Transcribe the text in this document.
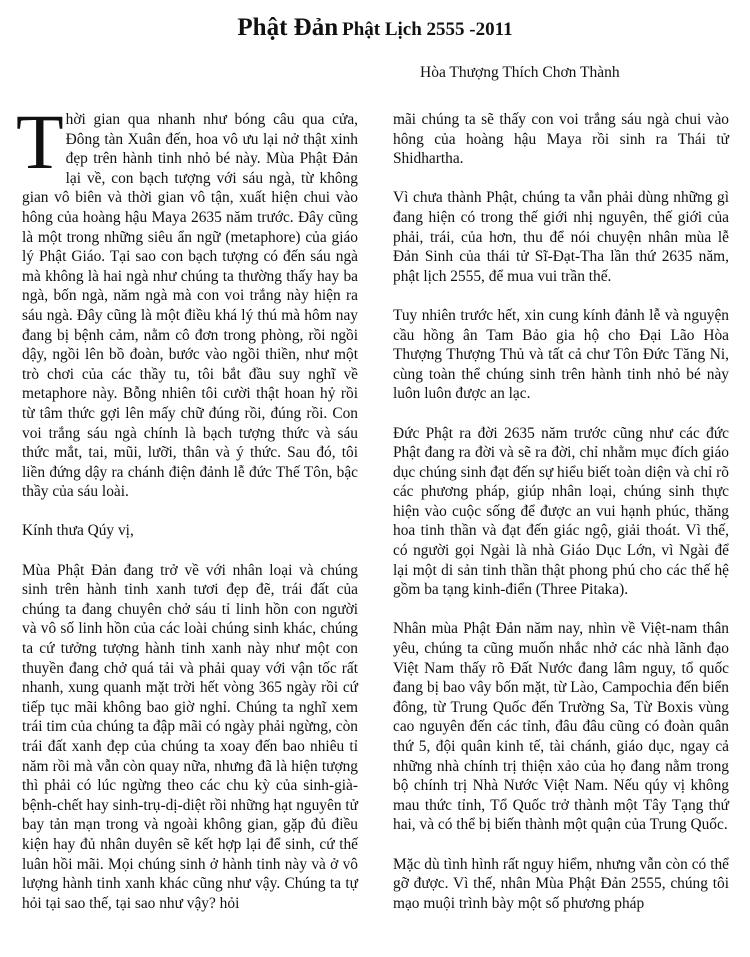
Phật Đản Phật Lịch 2555 -2011
Hòa Thượng Thích Chơn Thành

Thời gian qua nhanh như bóng câu qua cửa, Đông tàn Xuân đến, hoa vô ưu lại nở thật xinh đẹp trên hành tinh nhỏ bé này. Mùa Phật Đản lại về, con bạch tượng với sáu ngà, từ không gian vô biên và thời gian vô tận, xuất hiện chui vào hông của hoàng hậu Maya 2635 năm trước. Đây cũng là một trong những siêu ẩn ngữ (metaphore) của giáo lý Phật Giáo. Tại sao con bạch tượng có đến sáu ngà mà không là hai ngà như chúng ta thường thấy hay ba ngà, bốn ngà, năm ngà mà con voi trắng này hiện ra sáu ngà. Đây cũng là một điều khá lý thú mà hôm nay đang bị bệnh cảm, nằm cô đơn trong phòng, rồi ngồi dậy, ngồi lên bồ đoàn, bước vào ngồi thiền, như một trò chơi của các thầy tu, tôi bắt đầu suy nghĩ về metaphore này. Bỗng nhiên tôi cười thật hoan hỷ rồi từ tâm thức gợi lên mấy chữ đúng rồi, đúng rồi. Con voi trắng sáu ngà chính là bạch tượng thức và sáu thức mắt, tai, mũi, lưỡi, thân và ý thức. Sau đó, tôi liền đứng dậy ra chánh điện đảnh lễ đức Thế Tôn, bậc thầy của sáu loài.

Kính thưa Qúy vị,

Mùa Phật Đản đang trở về với nhân loại và chúng sinh trên hành tinh xanh tươi đẹp đẽ, trái đất của chúng ta đang chuyên chở sáu tỉ linh hồn con người và vô số linh hồn của các loài chúng sinh khác, chúng ta cứ tưởng tượng hành tinh xanh này như một con thuyền đang chở quá tải và phải quay với vận tốc rất nhanh, xung quanh mặt trời hết vòng 365 ngày rồi cứ tiếp tục mãi không bao giờ nghỉ. Chúng ta nghĩ xem trái tim của chúng ta đập mãi có ngày phải ngừng, còn trái đất xanh đẹp của chúng ta xoay đến bao nhiêu tỉ năm rồi mà vẫn còn quay nữa, nhưng đã là hiện tượng thì phải có lúc ngừng theo các chu kỳ của sinh-già-bệnh-chết hay sinh-trụ-dị-diệt rồi những hạt nguyên tử bay tản mạn trong và ngoài không gian, gặp đủ điều kiện hay đủ nhân duyên sẽ kết hợp lại để sinh, cứ thế luân hồi mãi. Mọi chúng sinh ở hành tinh này và ở vô lượng hành tinh xanh khác cũng như vậy. Chúng ta tự hỏi tại sao thế, tại sao như vậy? hỏi

mãi chúng ta sẽ thấy con voi trắng sáu ngà chui vào hông của hoàng hậu Maya rồi sinh ra Thái tử Shidhartha.

Vì chưa thành Phật, chúng ta vẫn phải dùng những gì đang hiện có trong thế giới nhị nguyên, thế giới của phải, trái, của hơn, thu để nói chuyện nhân mùa lễ Đản Sinh của thái tử Sĩ-Đạt-Tha lần thứ 2635 năm, phật lịch 2555, để mua vui trần thế.

Tuy nhiên trước hết, xin cung kính đảnh lễ và nguyện cầu hồng ân Tam Bảo gia hộ cho Đại Lão Hòa Thượng Thượng Thủ và tất cả chư Tôn Đức Tăng Ni, cùng toàn thể chúng sinh trên hành tinh nhỏ bé này luôn luôn được an lạc.

Đức Phật ra đời 2635 năm trước cũng như các đức Phật đang ra đời và sẽ ra đời, chỉ nhằm mục đích giáo dục chúng sinh đạt đến sự hiểu biết toàn diện và chỉ rõ các phương pháp, giúp nhân loại, chúng sinh thực hiện vào cuộc sống để được an vui hạnh phúc, thăng hoa tinh thần và đạt đến giác ngộ, giải thoát. Vì thế, có người gọi Ngài là nhà Giáo Dục Lớn, vì Ngài để lại một di sản tinh thần thật phong phú cho các thế hệ gồm ba tạng kinh-điển (Three Pitaka).

Nhân mùa Phật Đản năm nay, nhìn về Việt-nam thân yêu, chúng ta cũng muốn nhắc nhở các nhà lãnh đạo Việt Nam thấy rõ Đất Nước đang lâm nguy, tổ quốc đang bị bao vây bốn mặt, từ Lào, Campochia đến biển đông, từ Trung Quốc đến Trường Sa, Từ Boxis vùng cao nguyên đến các tỉnh, đâu đâu cũng có đoàn quân thứ 5, đội quân kinh tế, tài chánh, giáo dục, ngay cả những nhà chính trị thiện xảo của họ đang nằm trong bộ chính trị Nhà Nước Việt Nam. Nếu qúy vị không mau thức tỉnh, Tổ Quốc trở thành một Tây Tạng thứ hai, và có thể bị biến thành một quận của Trung Quốc.

Mặc dù tình hình rất nguy hiểm, nhưng vẫn còn có thể gỡ được. Vì thế, nhân Mùa Phật Đản 2555, chúng tôi mạo muội trình bày một số phương pháp
